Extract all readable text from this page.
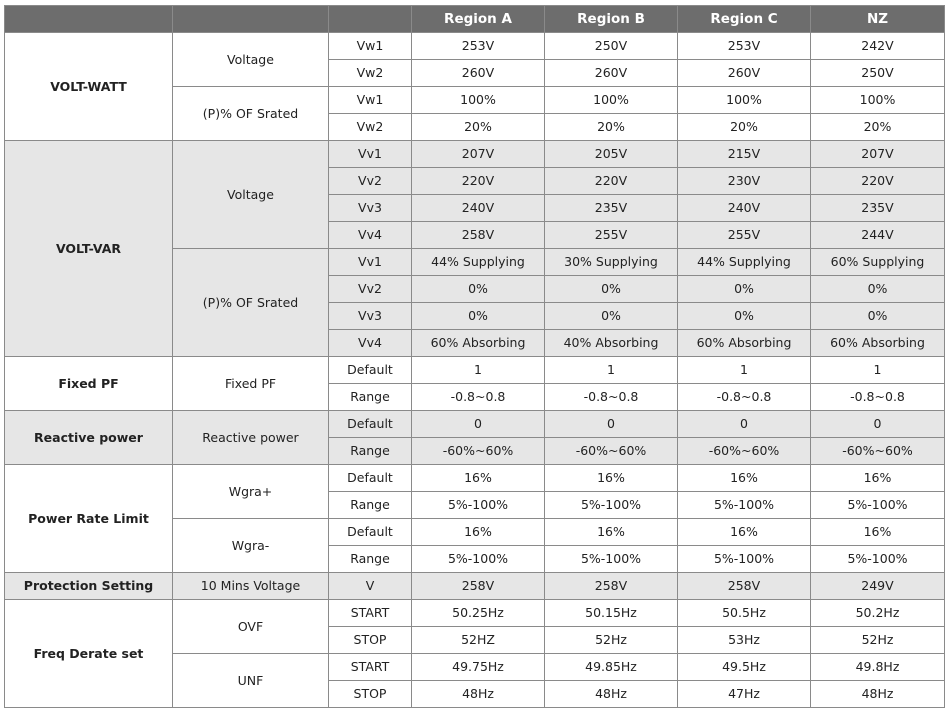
			Region A	Region B	Region C	NZ
VOLT-WATT	Voltage	Vw1	253V	250V	253V	242V
		Vw2	260V	260V	260V	250V
	(P)% OF Srated	Vw1	100%	100%	100%	100%
		Vw2	20%	20%	20%	20%
VOLT-VAR	Voltage	Vv1	207V	205V	215V	207V
		Vv2	220V	220V	230V	220V
		Vv3	240V	235V	240V	235V
		Vv4	258V	255V	255V	244V
	(P)% OF Srated	Vv1	44% Supplying	30% Supplying	44% Supplying	60% Supplying
		Vv2	0%	0%	0%	0%
		Vv3	0%	0%	0%	0%
		Vv4	60% Absorbing	40% Absorbing	60% Absorbing	60% Absorbing
Fixed PF	Fixed PF	Default	1	1	1	1
		Range	-0.8~0.8	-0.8~0.8	-0.8~0.8	-0.8~0.8
Reactive power	Reactive power	Default	0	0	0	0
		Range	-60%~60%	-60%~60%	-60%~60%	-60%~60%
Power Rate Limit	Wgra+	Default	16%	16%	16%	16%
		Range	5%-100%	5%-100%	5%-100%	5%-100%
	Wgra-	Default	16%	16%	16%	16%
		Range	5%-100%	5%-100%	5%-100%	5%-100%
Protection Setting	10 Mins Voltage	V	258V	258V	258V	249V
Freq Derate set	OVF	START	50.25Hz	50.15Hz	50.5Hz	50.2Hz
		STOP	52HZ	52Hz	53Hz	52Hz
	UNF	START	49.75Hz	49.85Hz	49.5Hz	49.8Hz
		STOP	48Hz	48Hz	47Hz	48Hz
